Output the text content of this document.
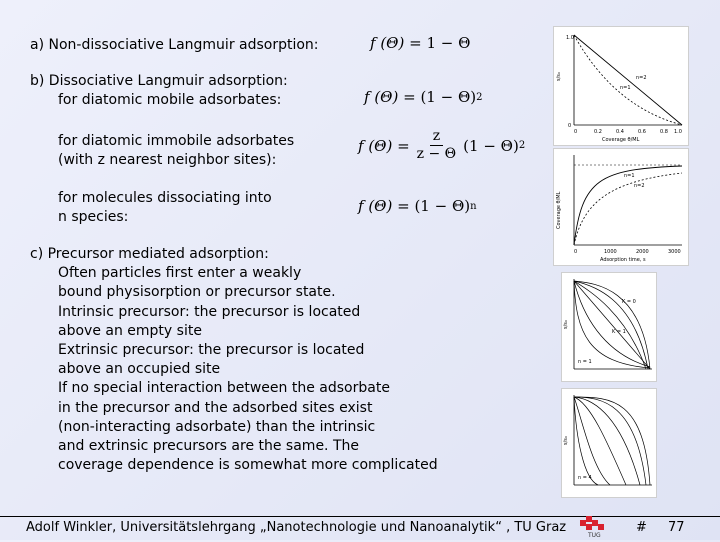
a) Non-dissociative Langmuir adsorption:	f (Θ) =
1 − Θ
b) Dissociative Langmuir adsorption:
for diatomic mobile adsorbates:	f (Θ) =
(1 − Θ) 2
for diatomic immobile adsorbates
(with z nearest neighbor sites):
f $(\Theta) = \frac{z}{z - \Theta} (1 - \Theta)$ 2
for molecules dissociating into
n species:
f (Θ) =
(1 − Θ) n
c) Precursor mediated adsorption:
Often particles first enter a weakly
bound physisorption or precursor state.
Intrinsic precursor: the precursor is located
above an empty site
Extrinsic precursor: the precursor is located
above an occupied site
If no special interaction between the adsorbate
in the precursor and the adsorbed sites exist
(non-interacting adsorbate) than the intrinsic
and extrinsic precursors are the same. The
coverage dependence is somewhat more complicated
n=1
n=2
1.0
0
0	0.2	0.4	0.6	0.8 1.0
Coverage θ/ML
s/s₀
n=1
n=2
0	1000	2000	3000
Adsorption time, s
Coverage θ/ML
K = 0
K = 1
n = 1
s/s₀
n = 4
s/s₀
Adolf Winkler, Universitätslehrgang „Nanotechnologie und Nanoanalytik“ , TU Graz
TUG
# 77
